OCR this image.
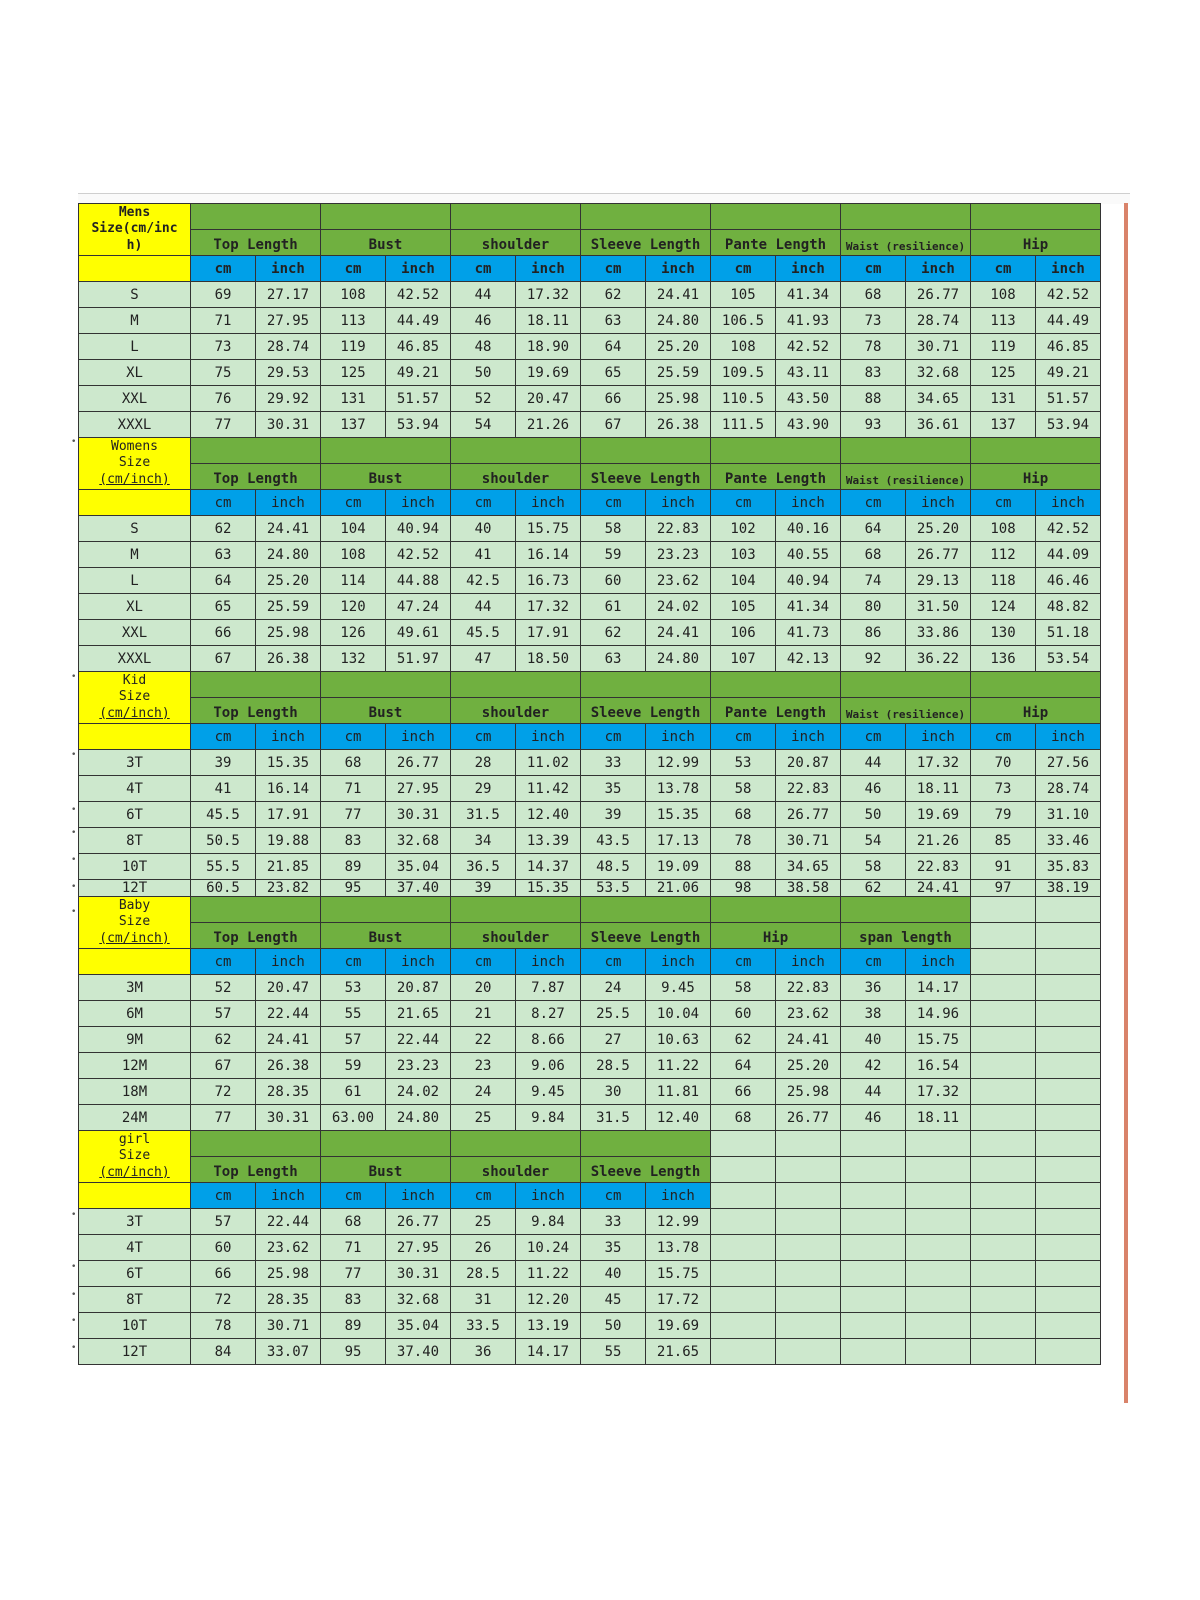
Mens
Size(cm/inc
h)														

	Top Length		Bust		shoulder		Sleeve Length		Pante Length		Waist (resilience)		Hip	
	cm	inch	cm	inch	cm	inch	cm	inch	cm	inch	cm	inch	cm	inch
S	69	27.17	108	42.52	44	17.32	62	24.41	105	41.34	68	26.77	108	42.52
M	71	27.95	113	44.49	46	18.11	63	24.80	106.5	41.93	73	28.74	113	44.49
L	73	28.74	119	46.85	48	18.90	64	25.20	108	42.52	78	30.71	119	46.85
XL	75	29.53	125	49.21	50	19.69	65	25.59	109.5	43.11	83	32.68	125	49.21
XXL	76	29.92	131	51.57	52	20.47	66	25.98	110.5	43.50	88	34.65	131	51.57
XXXL	77	30.31	137	53.94	54	21.26	67	26.38	111.5	43.90	93	36.61	137	53.94

Womens
Size
(cm/inch)														

	Top Length		Bust		shoulder		Sleeve Length		Pante Length		Waist (resilience)		Hip	
	cm	inch	cm	inch	cm	inch	cm	inch	cm	inch	cm	inch	cm	inch
S	62	24.41	104	40.94	40	15.75	58	22.83	102	40.16	64	25.20	108	42.52
M	63	24.80	108	42.52	41	16.14	59	23.23	103	40.55	68	26.77	112	44.09
L	64	25.20	114	44.88	42.5	16.73	60	23.62	104	40.94	74	29.13	118	46.46
XL	65	25.59	120	47.24	44	17.32	61	24.02	105	41.34	80	31.50	124	48.82
XXL	66	25.98	126	49.61	45.5	17.91	62	24.41	106	41.73	86	33.86	130	51.18
XXXL	67	26.38	132	51.97	47	18.50	63	24.80	107	42.13	92	36.22	136	53.54

Kid
Size
(cm/inch)														

	Top Length		Bust		shoulder		Sleeve Length		Pante Length		Waist (resilience)		Hip	
	cm	inch	cm	inch	cm	inch	cm	inch	cm	inch	cm	inch	cm	inch
3T	39	15.35	68	26.77	28	11.02	33	12.99	53	20.87	44	17.32	70	27.56
4T	41	16.14	71	27.95	29	11.42	35	13.78	58	22.83	46	18.11	73	28.74
6T	45.5	17.91	77	30.31	31.5	12.40	39	15.35	68	26.77	50	19.69	79	31.10
8T	50.5	19.88	83	32.68	34	13.39	43.5	17.13	78	30.71	54	21.26	85	33.46
10T	55.5	21.85	89	35.04	36.5	14.37	48.5	19.09	88	34.65	58	22.83	91	35.83
12T	60.5	23.82	95	37.40	39	15.35	53.5	21.06	98	38.58	62	24.41	97	38.19

Baby
Size
(cm/inch)														

	Top Length		Bust		shoulder		Sleeve Length		Hip		span length			
	cm	inch	cm	inch	cm	inch	cm	inch	cm	inch	cm	inch		
3M	52	20.47	53	20.87	20	7.87	24	9.45	58	22.83	36	14.17		
6M	57	22.44	55	21.65	21	8.27	25.5	10.04	60	23.62	38	14.96		
9M	62	24.41	57	22.44	22	8.66	27	10.63	62	24.41	40	15.75		
12M	67	26.38	59	23.23	23	9.06	28.5	11.22	64	25.20	42	16.54		
18M	72	28.35	61	24.02	24	9.45	30	11.81	66	25.98	44	17.32		
24M	77	30.31	63.00	24.80	25	9.84	31.5	12.40	68	26.77	46	18.11		

girl
Size
(cm/inch)														

	Top Length		Bust		shoulder		Sleeve Length							
	cm	inch	cm	inch	cm	inch	cm	inch						
3T	57	22.44	68	26.77	25	9.84	33	12.99						
4T	60	23.62	71	27.95	26	10.24	35	13.78						
6T	66	25.98	77	30.31	28.5	11.22	40	15.75						
8T	72	28.35	83	32.68	31	12.20	45	17.72						
10T	78	30.71	89	35.04	33.5	13.19	50	19.69						
12T	84	33.07	95	37.40	36	14.17	55	21.65						
•
•
•
•
•
•
•
•
•
•
•
•
•
